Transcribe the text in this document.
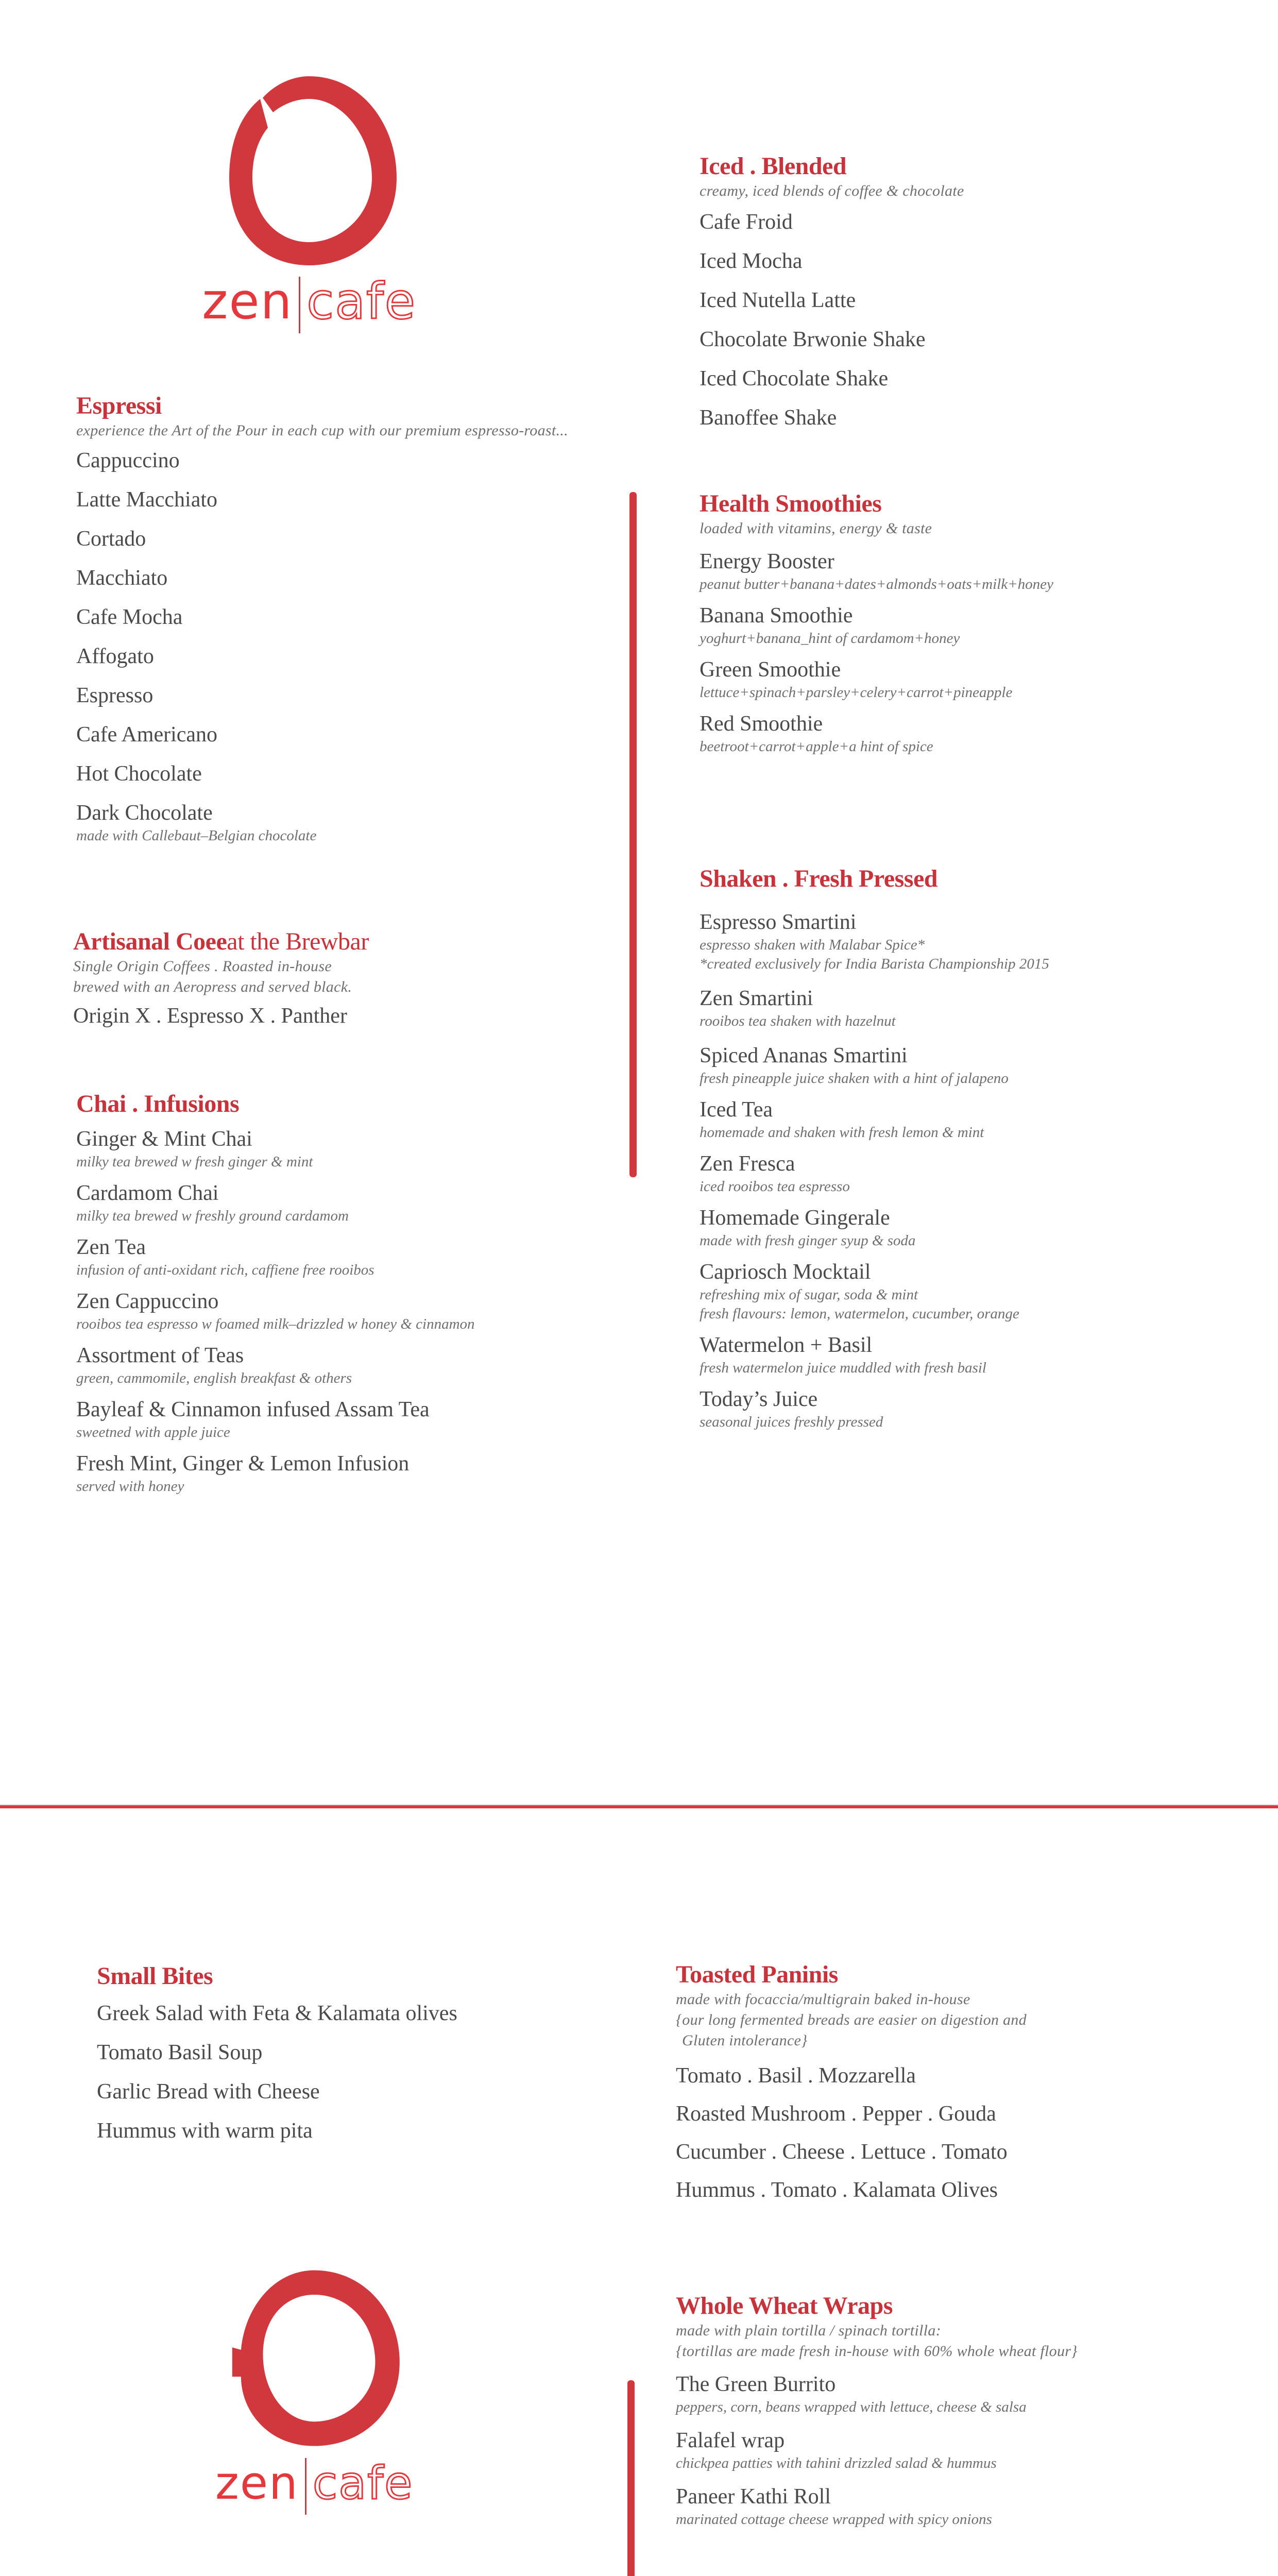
zen cafe
Espressi

experience the Art of the Pour in each cup with our premium espresso-roast...

Cappuccino
Latte Macchiato
Cortado
Macchiato
Cafe Mocha
Affogato
Espresso
Cafe Americano
Hot Chocolate
Dark Chocolate
made with Callebaut–Belgian chocolate
Artisanal Coeeat the Brewbar

Single Origin Coffees . Roasted in-house

brewed with an Aeropress and served black.

Origin X . Espresso X . Panther
Chai . Infusions
Ginger & Mint Chai
milky tea brewed w fresh ginger & mint
Cardamom Chai
milky tea brewed w freshly ground cardamom
Zen Tea
infusion of anti-oxidant rich, caffiene free rooibos
Zen Cappuccino
rooibos tea espresso w foamed milk–drizzled w honey & cinnamon
Assortment of Teas
green, cammomile, english breakfast & others
Bayleaf & Cinnamon infused Assam Tea
sweetned with apple juice
Fresh Mint, Ginger & Lemon Infusion
served with honey
Iced . Blended

creamy, iced blends of coffee & chocolate

Cafe Froid
Iced Mocha
Iced Nutella Latte
Chocolate Brwonie Shake
Iced Chocolate Shake
Banoffee Shake
Health Smoothies

loaded with vitamins, energy & taste

Energy Booster
peanut butter+banana+dates+almonds+oats+milk+honey
Banana Smoothie
yoghurt+banana_hint of cardamom+honey
Green Smoothie
lettuce+spinach+parsley+celery+carrot+pineapple
Red Smoothie
beetroot+carrot+apple+a hint of spice
Shaken . Fresh Pressed
Espresso Smartini
espresso shaken with Malabar Spice*
*created exclusively for India Barista Championship 2015
Zen Smartini
rooibos tea shaken with hazelnut
Spiced Ananas Smartini
fresh pineapple juice shaken with a hint of jalapeno
Iced Tea
homemade and shaken with fresh lemon & mint
Zen Fresca
iced rooibos tea espresso
Homemade Gingerale
made with fresh ginger syup & soda
Capriosch Mocktail
refreshing mix of sugar, soda & mint
fresh flavours: lemon, watermelon, cucumber, orange
Watermelon + Basil
fresh watermelon juice muddled with fresh basil
Today’s Juice
seasonal juices freshly pressed
Small Bites
Greek Salad with Feta & Kalamata olives
Tomato Basil Soup
Garlic Bread with Cheese
Hummus with warm pita
zen cafe

Toasted Paninis

made with focaccia/multigrain baked in-house

{our long fermented breads are easier on digestion and

Gluten intolerance}

Tomato . Basil . Mozzarella
Roasted Mushroom . Pepper . Gouda
Cucumber . Cheese . Lettuce . Tomato
Hummus . Tomato . Kalamata Olives
Whole Wheat Wraps

made with plain tortilla / spinach tortilla:

{tortillas are made fresh in-house with 60% whole wheat flour}

The Green Burrito
peppers, corn, beans wrapped with lettuce, cheese & salsa
Falafel wrap
chickpea patties with tahini drizzled salad & hummus
Paneer Kathi Roll
marinated cottage cheese wrapped with spicy onions
